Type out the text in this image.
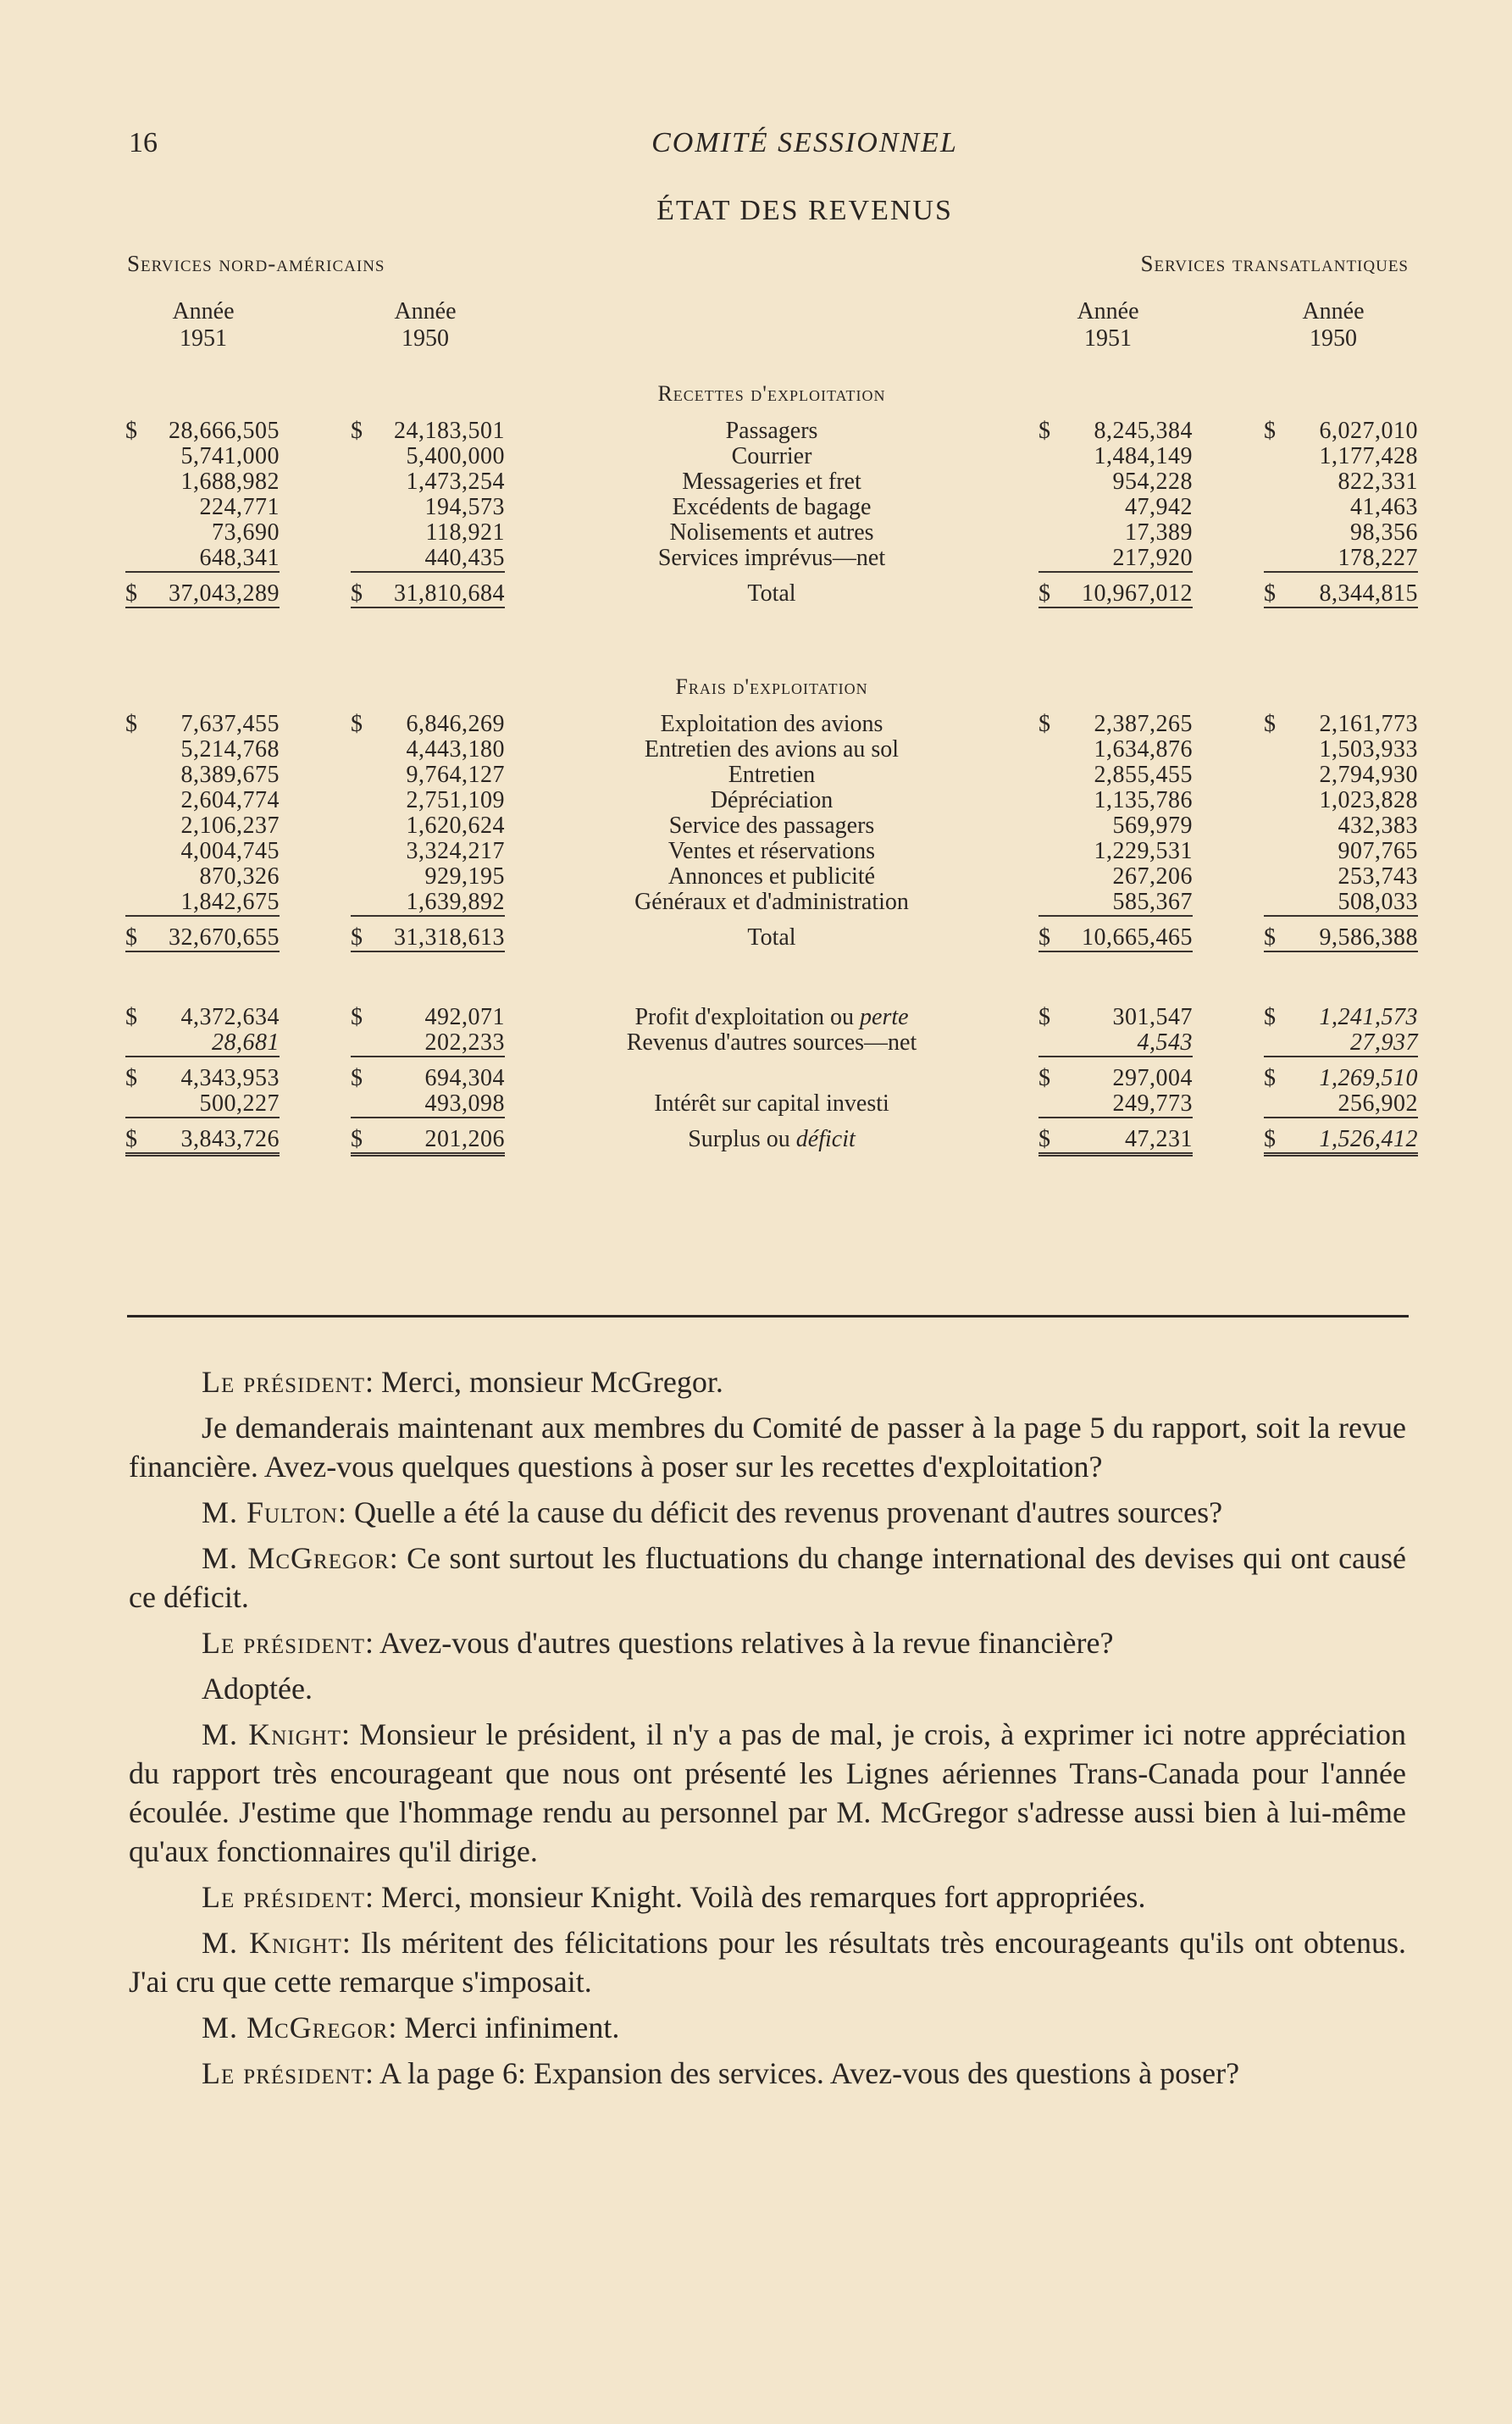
16	COMITÉ SESSIONNEL
ÉTAT DES REVENUS
Services nord-américains	Services transatlantiques
Année
1951
Année
1950
Année
1951
Année
1950
			Recettes d'exploitation			

$ 28,666,505		$ 24,183,501	Passagers	$ 8,245,384		$ 6,027,010

5,741,000		5,400,000	Courrier	1,484,149		1,177,428

1,688,982		1,473,254	Messageries et fret	954,228		822,331

224,771		194,573	Excédents de bagage	47,942		41,463

73,690		118,921	Nolisements et autres	17,389		98,356

648,341		440,435	Services imprévus—net	217,920		178,227

$ 37,043,289		$ 31,810,684	Total	$ 10,967,012		$ 8,344,815

			Frais d'exploitation			

$ 7,637,455		$ 6,846,269	Exploitation des avions	$ 2,387,265		$ 2,161,773

5,214,768		4,443,180	Entretien des avions au sol	1,634,876		1,503,933

8,389,675		9,764,127	Entretien	2,855,455		2,794,930

2,604,774		2,751,109	Dépréciation	1,135,786		1,023,828

2,106,237		1,620,624	Service des passagers	569,979		432,383

4,004,745		3,324,217	Ventes et réservations	1,229,531		907,765

870,326		929,195	Annonces et publicité	267,206		253,743

1,842,675		1,639,892	Généraux et d'administration	585,367		508,033

$ 32,670,655		$ 31,318,613	Total	$ 10,665,465		$ 9,586,388

$ 4,372,634		$ 492,071	Profit d'exploitation ou perte	$ 301,547		$ 1,241,573

28,681		202,233	Revenus d'autres sources—net	4,543		27,937

$ 4,343,953		$ 694,304		$ 297,004		$ 1,269,510

500,227		493,098	Intérêt sur capital investi	249,773		256,902

$ 3,843,726		$ 201,206	Surplus ou déficit	$ 47,231		$ 1,526,412

Le président: Merci, monsieur McGregor.

Je demanderais maintenant aux membres du Comité de passer à la page 5 du rapport, soit la revue financière. Avez-vous quelques questions à poser sur les recettes d'exploitation?

M. Fulton: Quelle a été la cause du déficit des revenus provenant d'autres sources?

M. McGregor: Ce sont surtout les fluctuations du change international des devises qui ont causé ce déficit.

Le président: Avez-vous d'autres questions relatives à la revue financière?

Adoptée.

M. Knight: Monsieur le président, il n'y a pas de mal, je crois, à exprimer ici notre appréciation du rapport très encourageant que nous ont présenté les Lignes aériennes Trans-Canada pour l'année écoulée. J'estime que l'hommage rendu au personnel par M. McGregor s'adresse aussi bien à lui-même qu'aux fonctionnaires qu'il dirige.

Le président: Merci, monsieur Knight. Voilà des remarques fort appropriées.

M. Knight: Ils méritent des félicitations pour les résultats très encourageants qu'ils ont obtenus. J'ai cru que cette remarque s'imposait.

M. McGregor: Merci infiniment.

Le président: A la page 6: Expansion des services. Avez-vous des questions à poser?
